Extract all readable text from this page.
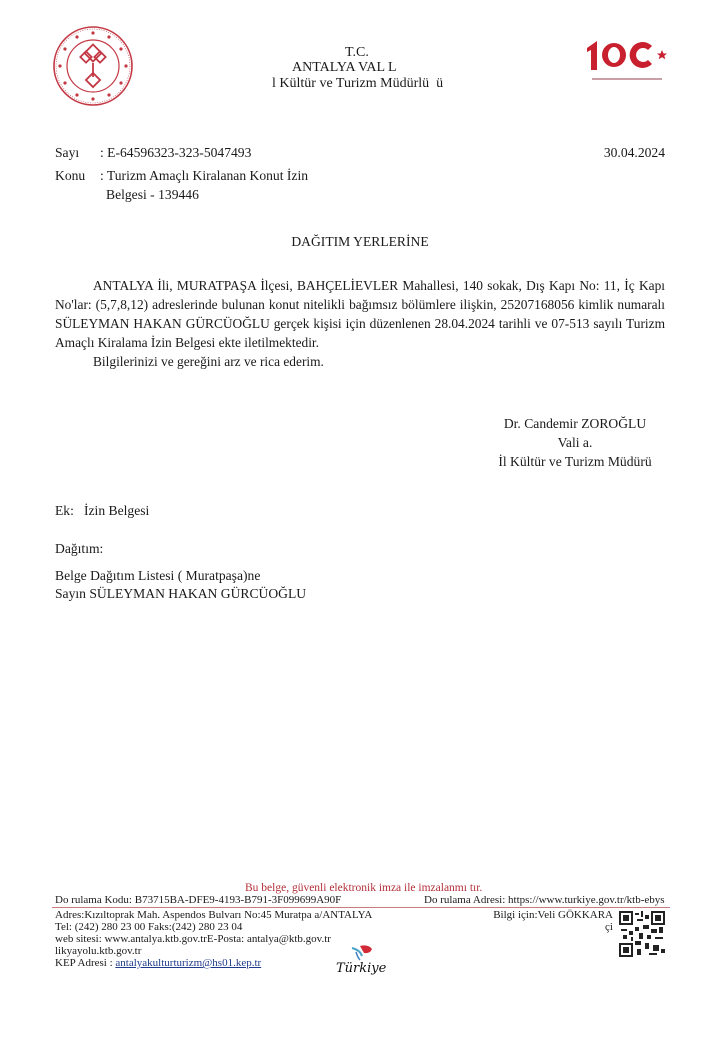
T.C.
ANTALYA VAL L
l Kültür ve Turizm Müdürlü  ü
Sayı : E-64596323-323-5047493	30.04.2024
Konu : Turizm Amaçlı Kiralanan Konut İzin
Belgesi - 139446
DAĞITIM YERLERİNE

ANTALYA İli, MURATPAŞA İlçesi, BAHÇELİEVLER Mahallesi, 140 sokak, Dış Kapı No: 11, İç Kapı No'lar: (5,7,8,12) adreslerinde bulunan konut nitelikli bağımsız bölümlere ilişkin, 25207168056 kimlik numaralı SÜLEYMAN HAKAN GÜRCÜOĞLU gerçek kişisi için düzenlenen 28.04.2024 tarihli ve 07-513 sayılı Turizm Amaçlı Kiralama İzin Belgesi ekte iletilmektedir.

Bilgilerinizi ve gereğini arz ve rica ederim.

Dr. Candemir ZOROĞLU
Vali a.
İl Kültür ve Turizm Müdürü
Ek: İzin Belgesi
Dağıtım:
Belge Dağıtım Listesi ( Muratpaşa)ne
Sayın SÜLEYMAN HAKAN GÜRCÜOĞLU
Bu belge, güvenli elektronik imza ile imzalanmı tır.
Do rulama Kodu: B73715BA-DFE9-4193-B791-3F099699A90F	Do rulama Adresi: https://www.turkiye.gov.tr/ktb-ebys
Adres:Kızıltoprak Mah. Aspendos Bulvarı No:45 Muratpa a/ANTALYA
Tel: (242) 280 23 00 Faks:(242) 280 23 04
web sitesi: www.antalya.ktb.gov.trE-Posta: antalya@ktb.gov.tr
likyayolu.ktb.gov.tr
KEP Adresi : antalyakulturturizm@hs01.kep.tr
Bilgi için:Veli GÖKKARA
çi
Türkiye
